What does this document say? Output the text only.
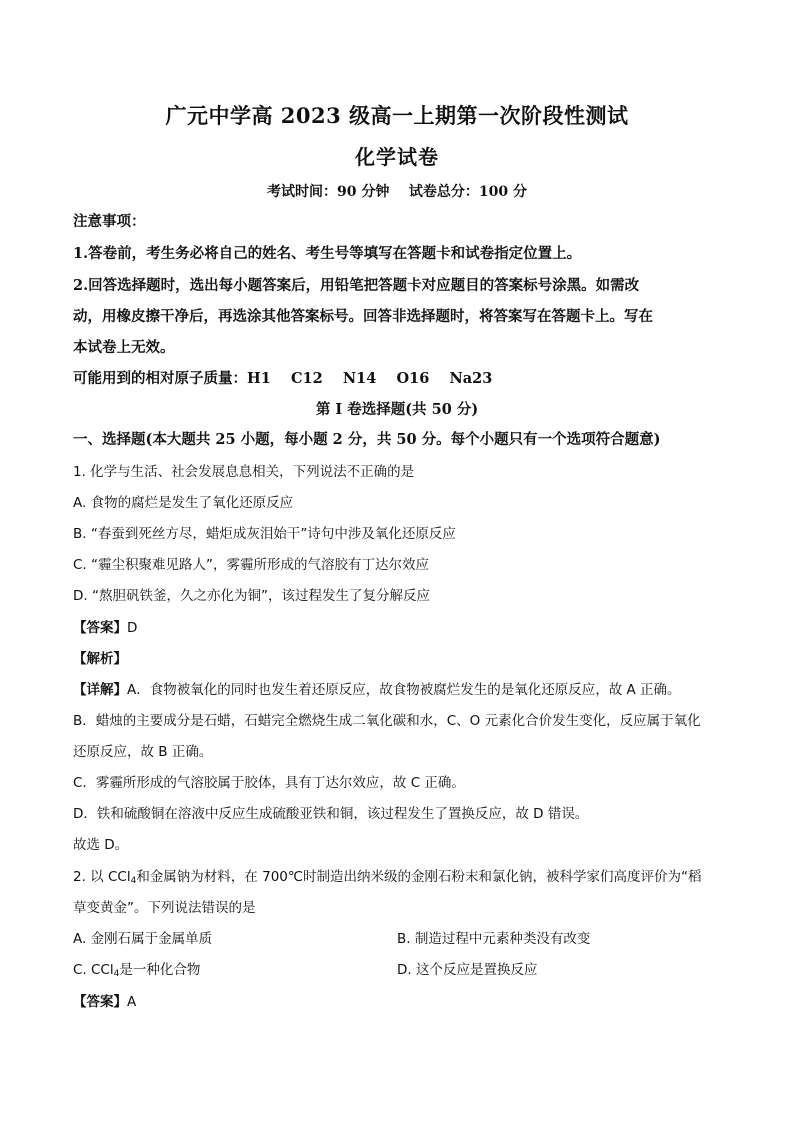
广元中学高 2023 级高一上期第一次阶段性测试
化学试卷
考试时间：90 分钟    试卷总分：100 分
注意事项：
1.答卷前，考生务必将自己的姓名、考生号等填写在答题卡和试卷指定位置上。
2.回答选择题时，选出每小题答案后，用铅笔把答题卡对应题目的答案标号涂黑。如需改
动，用橡皮擦干净后，再选涂其他答案标号。回答非选择题时，将答案写在答题卡上。写在
本试卷上无效。
可能用到的相对原子质量：H1    C12    N14    O16    Na23
第 I 卷选择题(共 50 分)
一、选择题(本大题共 25 小题，每小题 2 分，共 50 分。每个小题只有一个选项符合题意)
1. 化学与生活、社会发展息息相关，下列说法不正确的是
A. 食物的腐烂是发生了氧化还原反应
B. “春蚕到死丝方尽，蜡炬成灰泪始干”诗句中涉及氧化还原反应
C. “霾尘积聚难见路人”，雾霾所形成的气溶胶有丁达尔效应
D. “熬胆矾铁釜，久之亦化为铜”，该过程发生了复分解反应
【答案】D
【解析】
【详解】A．食物被氧化的同时也发生着还原反应，故食物被腐烂发生的是氧化还原反应，故 A 正确。
B．蜡烛的主要成分是石蜡，石蜡完全燃烧生成二氧化碳和水，C、O 元素化合价发生变化，反应属于氧化
还原反应，故 B 正确。
C．雾霾所形成的气溶胶属于胶体，具有丁达尔效应，故 C 正确。
D．铁和硫酸铜在溶液中反应生成硫酸亚铁和铜，该过程发生了置换反应，故 D 错误。
故选 D。
2. 以 CCl$_4$和金属钠为材料，在 700℃时制造出纳米级的金刚石粉末和氯化钠，被科学家们高度评价为“稻
草变黄金”。下列说法错误的是
A. 金刚石属于金属单质	B. 制造过程中元素种类没有改变
C. CCl$_4$是一种化合物	D. 这个反应是置换反应
【答案】A
